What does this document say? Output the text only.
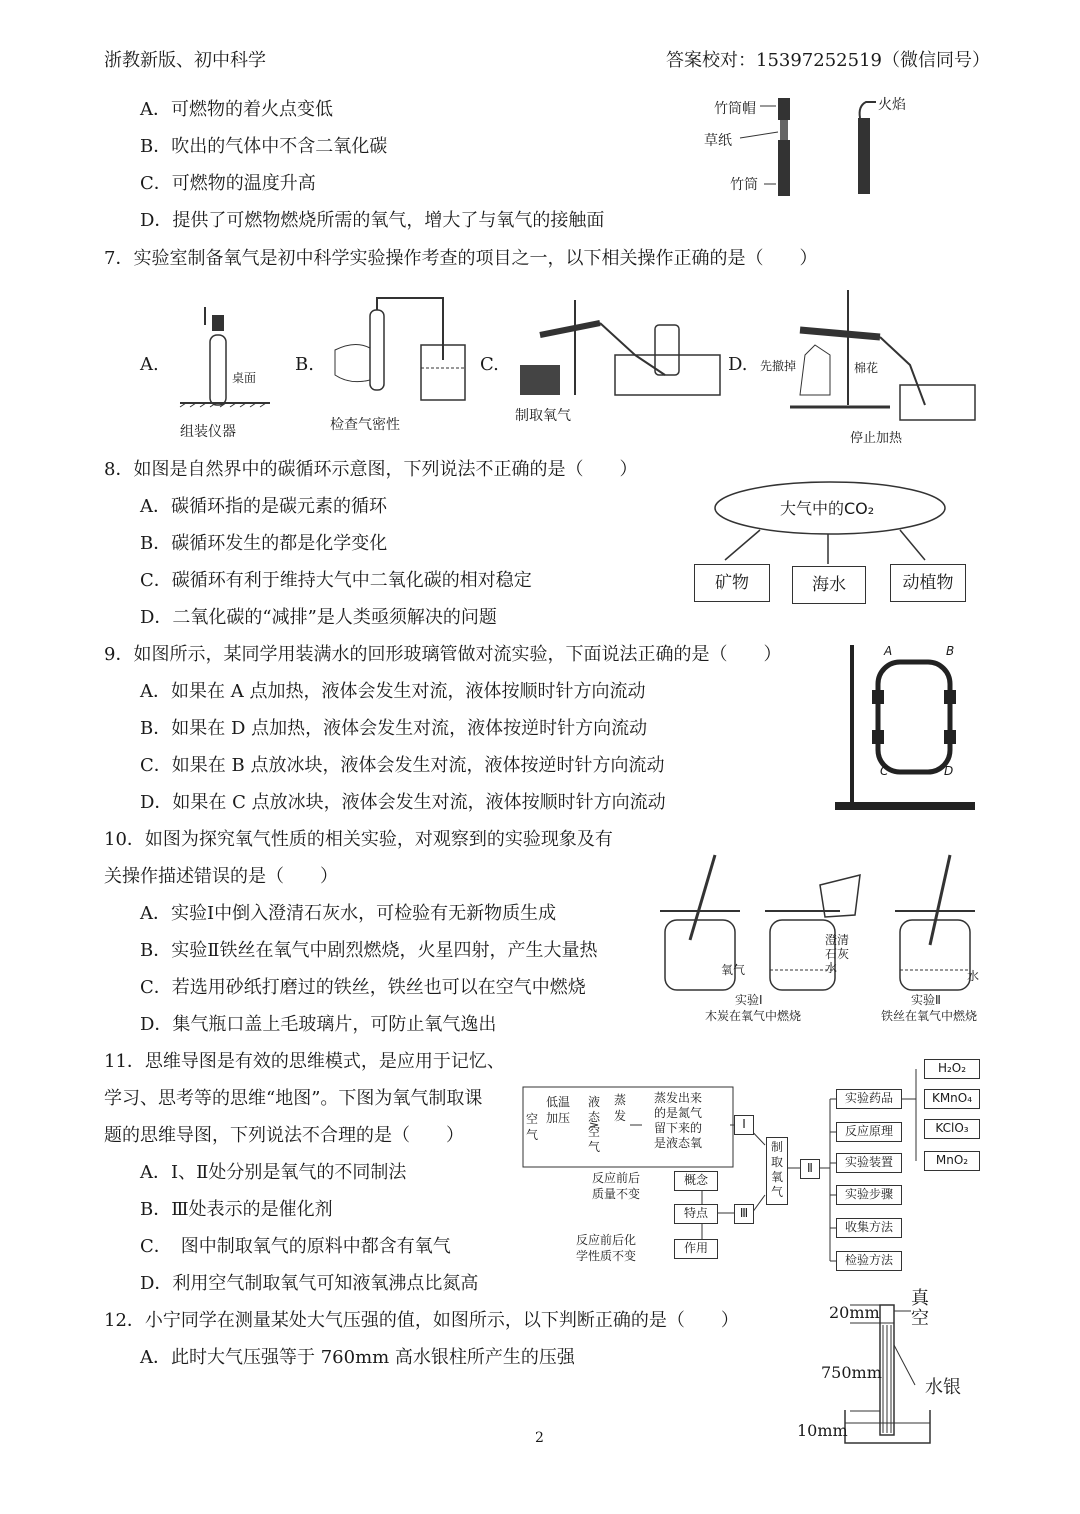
浙教新版、初中科学	答案校对：15397252519（微信同号）
A．可燃物的着火点变低
B．吹出的气体中不含二氧化碳
C．可燃物的温度升高
D．提供了可燃物燃烧所需的氧气，增大了与氧气的接触面
竹筒帽
草纸
竹筒
火焰
7．实验室制备氧气是初中科学实验操作考查的项目之一，以下相关操作正确的是（　　）
A.	B.	C.	D.
桌面
组装仪器	检查气密性
制取氧气
先撤掉	棉花
停止加热
8．如图是自然界中的碳循环示意图，下列说法不正确的是（　　）
A．碳循环指的是碳元素的循环
B．碳循环发生的都是化学变化
C．碳循环有利于维持大气中二氧化碳的相对稳定
D．二氧化碳的“减排”是人类亟须解决的问题
大气中的CO₂
矿物	海水	动植物
9．如图所示，某同学用装满水的回形玻璃管做对流实验，下面说法正确的是（　　）
A．如果在 A 点加热，液体会发生对流，液体按顺时针方向流动
B．如果在 D 点加热，液体会发生对流，液体按逆时针方向流动
C．如果在 B 点放冰块，液体会发生对流，液体按逆时针方向流动
D．如果在 C 点放冰块，液体会发生对流，液体按顺时针方向流动
A	B
C	D
10．如图为探究氧气性质的相关实验，对观察到的实验现象及有
关操作描述错误的是（　　）
A．实验Ⅰ中倒入澄清石灰水，可检验有无新物质生成
B．实验Ⅱ铁丝在氧气中剧烈燃烧，火星四射，产生大量热
C．若选用砂纸打磨过的铁丝，铁丝也可以在空气中燃烧
D．集气瓶口盖上毛玻璃片，可防止氧气逸出
氧气
澄清
石灰
水
水
实验Ⅰ
木炭在氧气中燃烧
实验Ⅱ
铁丝在氧气中燃烧
11．思维导图是有效的思维模式，是应用于记忆、
学习、思考等的思维“地图”。下图为氧气制取课
题的思维导图，下列说法不合理的是（　　）
A．Ⅰ、Ⅱ处分别是氧气的不同制法
B．Ⅲ处表示的是催化剂
C．　图中制取氧气的原料中都含有氧气
D．利用空气制取氧气可知液氧沸点比氮高
空
气
低温
加压
液
态
空
气
蒸
发
蒸发出来
的是氮气
留下来的
是液态氧
Ⅰ
制
取
氧
气
Ⅱ
Ⅲ
实验药品
反应原理
实验装置
实验步骤
收集方法
检验方法
H₂O₂
KMnO₄
KClO₃
MnO₂
概念
特点
作用
反应前后
质量不变
反应前后化
学性质不变
12．小宁同学在测量某处大气压强的值，如图所示，以下判断正确的是（　　）
A．此时大气压强等于 760mm 高水银柱所产生的压强
20mm
750mm
10mm
真
空
水银
2
